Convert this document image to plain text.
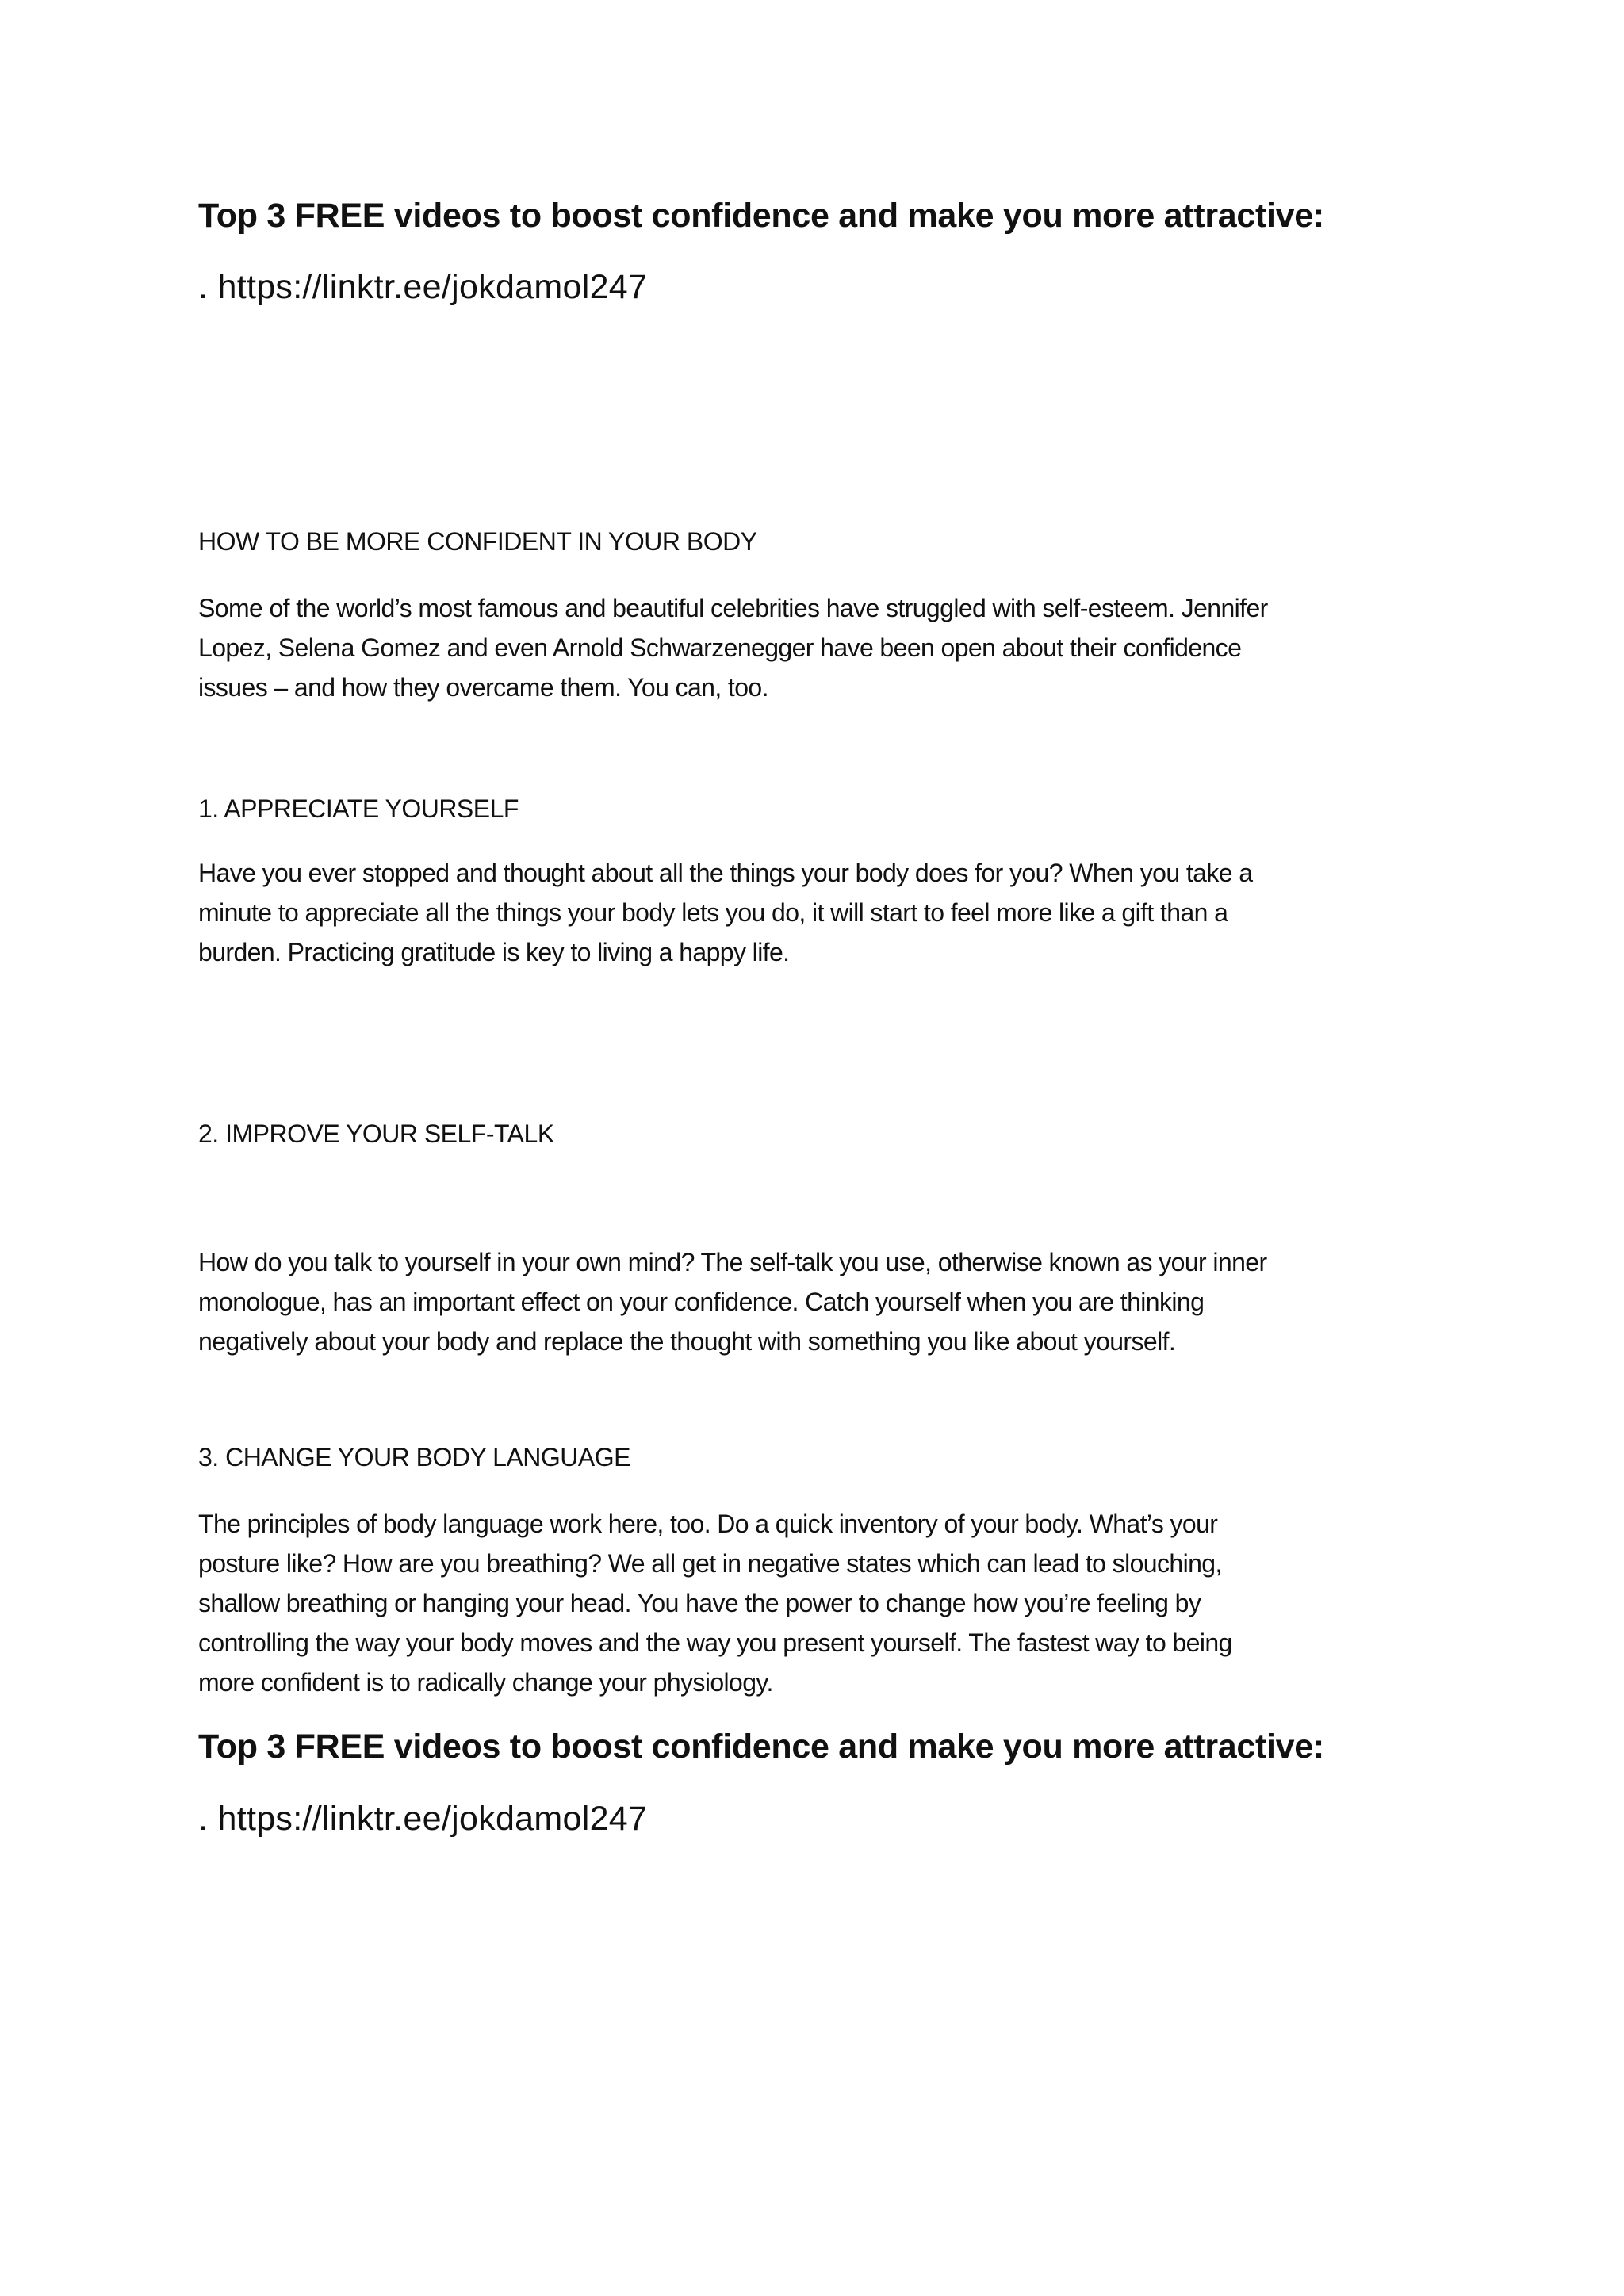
Top 3 FREE videos to boost confidence and make you more attractive:
. https://linktr.ee/jokdamol247
HOW TO BE MORE CONFIDENT IN YOUR BODY
Some of the world’s most famous and beautiful celebrities have struggled with self-esteem. Jennifer
Lopez, Selena Gomez and even Arnold Schwarzenegger have been open about their confidence
issues – and how they overcame them. You can, too.
1. APPRECIATE YOURSELF
Have you ever stopped and thought about all the things your body does for you? When you take a
minute to appreciate all the things your body lets you do, it will start to feel more like a gift than a
burden. Practicing gratitude is key to living a happy life.
2. IMPROVE YOUR SELF-TALK
How do you talk to yourself in your own mind? The self-talk you use, otherwise known as your inner
monologue, has an important effect on your confidence. Catch yourself when you are thinking
negatively about your body and replace the thought with something you like about yourself.
3. CHANGE YOUR BODY LANGUAGE
The principles of body language work here, too. Do a quick inventory of your body. What’s your
posture like? How are you breathing? We all get in negative states which can lead to slouching,
shallow breathing or hanging your head. You have the power to change how you’re feeling by
controlling the way your body moves and the way you present yourself. The fastest way to being
more confident is to radically change your physiology.
Top 3 FREE videos to boost confidence and make you more attractive:
. https://linktr.ee/jokdamol247
